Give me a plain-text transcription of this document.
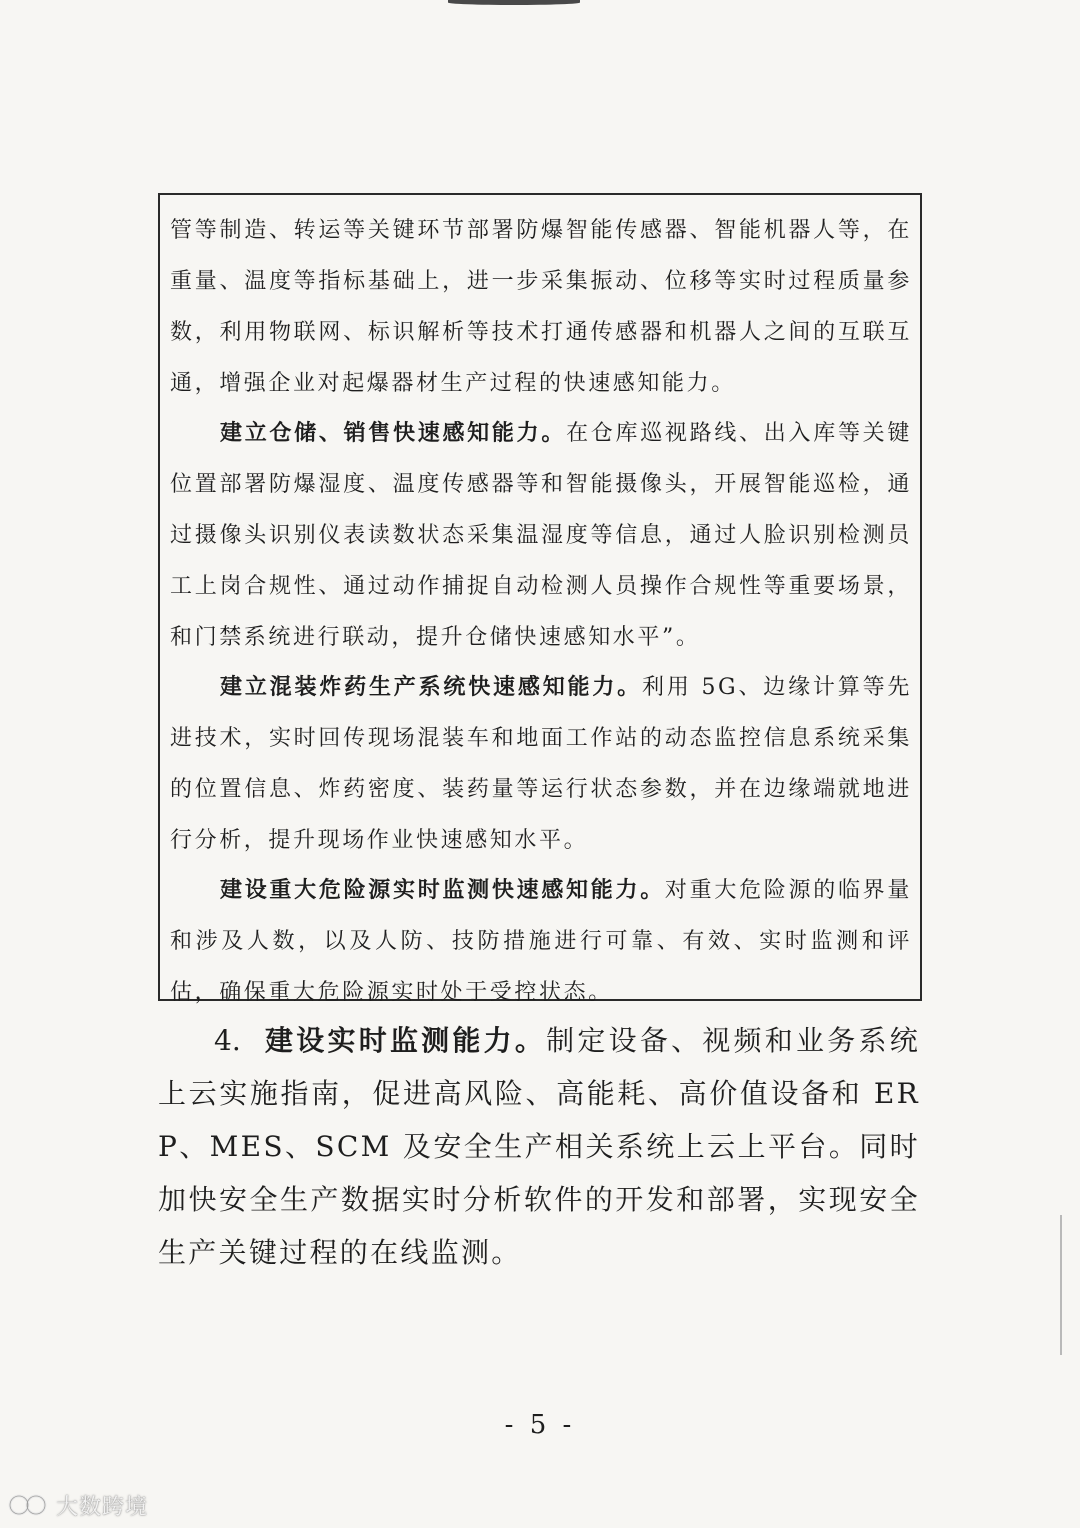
管等制造、转运等关键环节部署防爆智能传感器、智能机器人等，在重量、温度等指标基础上，进一步采集振动、位移等实时过程质量参数，利用物联网、标识解析等技术打通传感器和机器人之间的互联互通，增强企业对起爆器材生产过程的快速感知能力。

建立仓储、销售快速感知能力。在仓库巡视路线、出入库等关键位置部署防爆湿度、温度传感器等和智能摄像头，开展智能巡检，通过摄像头识别仪表读数状态采集温湿度等信息，通过人脸识别检测员工上岗合规性、通过动作捕捉自动检测人员操作合规性等重要场景，和门禁系统进行联动，提升仓储快速感知水平”。

建立混装炸药生产系统快速感知能力。利用 5G、边缘计算等先进技术，实时回传现场混装车和地面工作站的动态监控信息系统采集的位置信息、炸药密度、装药量等运行状态参数，并在边缘端就地进行分析，提升现场作业快速感知水平。

建设重大危险源实时监测快速感知能力。对重大危险源的临界量和涉及人数，以及人防、技防措施进行可靠、有效、实时监测和评估，确保重大危险源实时处于受控状态。

4. 建设实时监测能力。制定设备、视频和业务系统上云实施指南，促进高风险、高能耗、高价值设备和 ERP、MES、SCM 及安全生产相关系统上云上平台。同时加快安全生产数据实时分析软件的开发和部署，实现安全生产关键过程的在线监测。

- 5 -
大数跨境
